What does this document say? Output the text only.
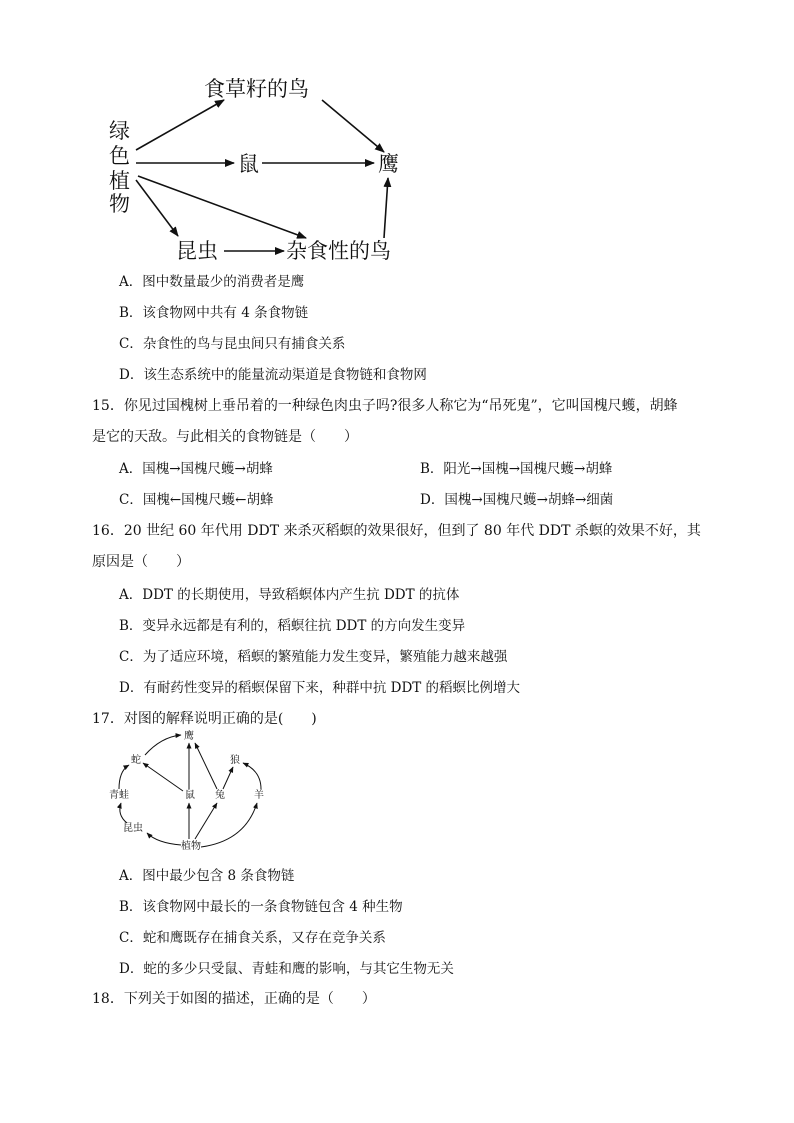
绿
色
植
物
食草籽的鸟
鼠	鹰
昆虫	杂食性的鸟
A．图中数量最少的消费者是鹰
B．该食物网中共有 4 条食物链
C．杂食性的鸟与昆虫间只有捕食关系
D．该生态系统中的能量流动渠道是食物链和食物网
15．你见过国槐树上垂吊着的一种绿色肉虫子吗?很多人称它为“吊死鬼”，它叫国槐尺蠖，胡蜂
是它的天敌。与此相关的食物链是（　　）
A．国槐→国槐尺蠖→胡蜂	B．阳光→国槐→国槐尺蠖→胡蜂
C．国槐←国槐尺蠖←胡蜂	D．国槐→国槐尺蠖→胡蜂→细菌
16．20 世纪 60 年代用 DDT 来杀灭稻螟的效果很好，但到了 80 年代 DDT 杀螟的效果不好，其
原因是（　　）
A．DDT 的长期使用，导致稻螟体内产生抗 DDT 的抗体
B．变异永远都是有利的，稻螟往抗 DDT 的方向发生变异
C．为了适应环境，稻螟的繁殖能力发生变异，繁殖能力越来越强
D．有耐药性变异的稻螟保留下来，种群中抗 DDT 的稻螟比例增大
17．对图的解释说明正确的是(　　)
鹰
蛇	狼
青蛙	鼠 兔	羊
昆虫
植物
A．图中最少包含 8 条食物链
B．该食物网中最长的一条食物链包含 4 种生物
C．蛇和鹰既存在捕食关系，又存在竞争关系
D．蛇的多少只受鼠、青蛙和鹰的影响，与其它生物无关
18．下列关于如图的描述，正确的是（　　）
